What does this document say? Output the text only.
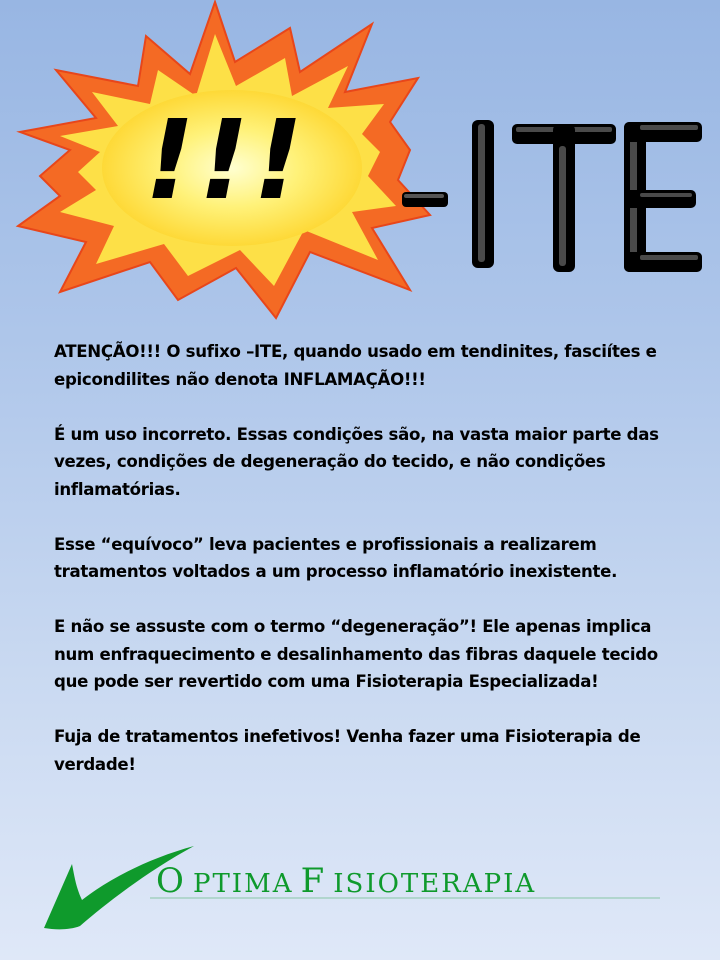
!!!

ATENÇÃO!!! O sufixo –ITE, quando usado em tendinites, fasciítes e epicondilites não denota INFLAMAÇÃO!!!

É um uso incorreto. Essas condições são, na vasta maior parte das vezes, condições de degeneração do tecido, e não condições inflamatórias.

Esse “equívoco” leva pacientes e profissionais a realizarem tratamentos voltados a um processo inflamatório inexistente.

E não se assuste com o termo “degeneração”! Ele apenas implica num enfraquecimento e desalinhamento das fibras daquele tecido que pode ser revertido com uma Fisioterapia Especializada!

Fuja de tratamentos inefetivos! Venha fazer uma Fisioterapia de verdade!

O PTIMA F ISIOTERAPIA
